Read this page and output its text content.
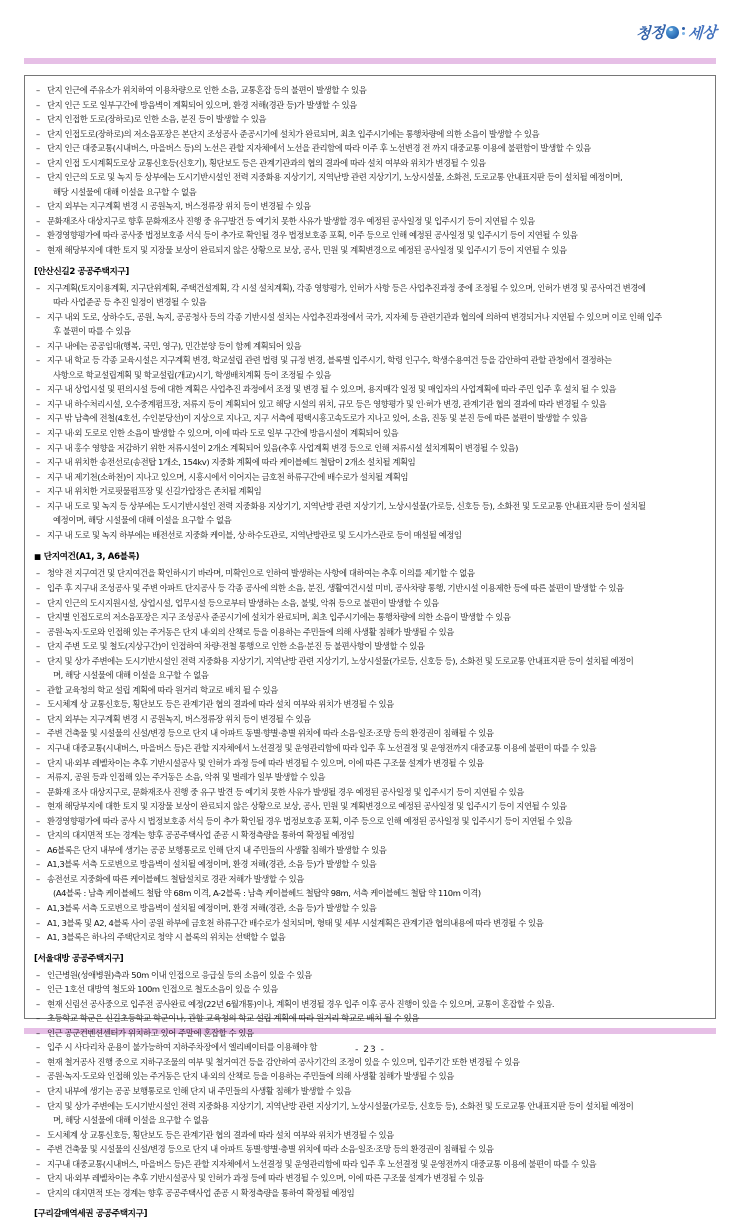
청정 세상
– 단지 인근에 주유소가 위치하여 이용차량으로 인한 소음, 교통혼잡 등의 불편이 발생할 수 있음
– 단지 인근 도로 일부구간에 방음벽이 계획되어 있으며, 환경 저해(경관 등)가 발생할 수 있음
– 단지 인접한 도로(장하로)로 인한 소음, 분진 등이 발생할 수 있음
– 단지 인접도로(장하로)의 저소음포장은 본단지 조성공사 준공시기에 설치가 완료되며, 최초 입주시기에는 통행차량에 의한 소음이 발생할 수 있음
– 단지 인근 대중교통(시내버스, 마을버스 등)의 노선은 관할 지자체에서 노선을 관리함에 따라 이주 후 노선변경 전 까지 대중교통 이용에 불편함이 발생할 수 있음
– 단지 인접 도시계획도로상 교통신호등(신호기), 횡단보도 등은 관계기관과의 협의 결과에 따라 설치 여부와 위치가 변경될 수 있음
– 단지 인근의 도로 및 녹지 등 상부에는 도시기반시설인 전력 지중화용 지상기기, 지역난방 관련 지상기기, 노상시설물, 소화전, 도로교통 안내표지판 등이 설치될 예정이며,
해당 시설물에 대해 이설을 요구할 수 없음
– 단지 외부는 지구계획 변경 시 공원녹지, 버스정류장 위치 등이 변경될 수 있음
– 문화재조사 대상지구로 향후 문화재조사 진행 중 유구발건 등 예기치 못한 사유가 발생할 경우 예정된 공사일정 및 입주시기 등이 지연될 수 있음
– 환경영향평가에 따라 공사중 법정보호종 서식 등이 추가로 확인될 경우 법정보호종 포획, 이주 등으로 인해 예정된 공사일정 및 입주시기 등이 지연될 수 있음
– 현재 해당부지에 대한 토지 및 지장물 보상이 완료되지 않은 상황으로 보상, 공사, 민원 및 계획변경으로 예정된 공사일정 및 입주시기 등이 지연될 수 있음
[안산신길2 공공주택지구]
– 지구계획(토지이용계획, 지구단위계획, 주택건설계획, 각 시설 설치계획), 각종 영향평가, 인허가 사항 등은 사업추진과정 중에 조정될 수 있으며, 인허가 변경 및 공사여건 변경에
따라 사업준공 등 추진 일정이 변경될 수 있음
– 지구 내외 도로, 상하수도, 공원, 녹지, 공공청사 등의 각종 기반시설 설치는 사업추진과정에서 국가, 지자체 등 관련기관과 협의에 의하여 변경되거나 지연될 수 있으며 이로 인해 입주
후 불편이 따를 수 있음
– 지구 내에는 공공임대(행복, 국민, 영구), 민간분양 등이 함께 계획되어 있음
– 지구 내 학교 등 각종 교육시설은 지구계획 변경, 학교설립 관련 법령 및 규정 변경, 블록별 입주시기, 학령 인구수, 학생수용여건 등을 감안하여 관할 관청에서 결정하는
사항으로 학교설립계획 및 학교설립(개교)시기, 학생배치계획 등이 조정될 수 있음
– 지구 내 상업시설 및 편의시설 등에 대한 계획은 사업추진 과정에서 조정 및 변경 될 수 있으며, 용지매각 일정 및 매입자의 사업계획에 따라 주민 입주 후 설치 될 수 있음
– 지구 내 하수처리시설, 오수중계펌프장, 저류지 등이 계획되어 있고 해당 시설의 위치, 규모 등은 영향평가 및 인·허가 변경, 관계기관 협의 결과에 따라 변경될 수 있음
– 지구 밖 남측에 전철(4호선, 수인분당선)이 지상으로 지나고, 지구 서측에 평택시흥고속도로가 지나고 있어, 소음, 진동 및 분진 등에 따른 불편이 발생할 수 있음
– 지구 내·외 도로로 인한 소음이 발생할 수 있으며, 이에 따라 도로 일부 구간에 방음시설이 계획되어 있음
– 지구 내 홍수 영향을 저감하기 위한 저류시설이 2개소 계획되어 있음(추후 사업계획 변경 등으로 인해 저류시설 설치계획이 변경될 수 있음)
– 지구 내 위치한 송전선로(송전탑 1개소, 154kv) 지중화 계획에 따라 케이블헤드 철탑이 2개소 설치될 계획임
– 지구 내 제기천(소하천)이 지나고 있으며, 시흥시에서 이어지는 금호천 하류구간에 배수로가 설치될 계획임
– 지구 내 위치한 거로핏물펌프장 및 신길가압장은 존치될 계획임
– 지구 내 도로 및 녹지 등 상부에는 도시기반시설인 전력 지중화용 지상기기, 지역난방 관련 지상기기, 노상시설물(가로등, 신호등 등), 소화전 및 도로교통 안내표지판 등이 설치될
예정이며, 해당 시설물에 대해 이설을 요구할 수 없음
– 지구 내 도로 및 녹지 하부에는 배전선로 지중화 케이블, 상·하수도관로, 지역난방관로 및 도시가스관로 등이 매설될 예정임
■ 단지여건(A1, 3, A6블록)
– 청약 전 지구여건 및 단지여건을 확인하시기 바라며, 미확인으로 인하여 발생하는 사항에 대하여는 추후 이의를 제기할 수 없음
– 입주 후 지구내 조성공사 및 주변 아파트 단지공사 등 각종 공사에 의한 소음, 분진, 생활여건시설 미비, 공사차량 통행, 기반시설 이용제한 등에 따른 불편이 발생할 수 있음
– 단지 인근의 도시지원시설, 상업시설, 업무시설 등으로부터 발생하는 소음, 불빛, 악취 등으로 불편이 발생할 수 있음
– 단지별 인접도로의 저소음포장은 지구 조성공사 준공시기에 설치가 완료되며, 최초 입주시기에는 통행차량에 의한 소음이 발생할 수 있음
– 공원·녹지·도로와 인접해 있는 주거동은 단지 내·외의 산책로 등을 이용하는 주민들에 의해 사생활 침해가 발생될 수 있음
– 단지 주변 도로 및 철도(지상구간)이 인접하여 차량·전철 통행으로 인한 소음·분진 등 불편사항이 발생할 수 있음
– 단지 및 상가 주변에는 도시기반시설인 전력 지중화용 지상기기, 지역난방 관련 지상기기, 노상시설물(가로등, 신호등 등), 소화전 및 도로교통 안내표지판 등이 설치될 예정이
며, 해당 시설물에 대해 이설을 요구할 수 없음
– 관할 교육청의 학교 설립 계획에 따라 원거리 학교로 배치 될 수 있음
– 도시체계 상 교통신호등, 횡단보도 등은 관계기관 협의 결과에 따라 설치 여부와 위치가 변경될 수 있음
– 단지 외부는 지구계획 변경 시 공원녹지, 버스정류장 위치 등이 변경될 수 있음
– 주변 건축물 및 시설물의 신설/변경 등으로 단지 내 아파트 동별·향별·층별 위치에 따라 소음·일조·조망 등의 환경권이 침해될 수 있음
– 지구내 대중교통(시내버스, 마을버스 등)은 관할 지자체에서 노선결정 및 운영관리함에 따라 입주 후 노선결정 및 운영전까지 대중교통 이용에 불편이 따를 수 있음
– 단지 내·외부 레벨차이는 추후 기반시설공사 및 인허가 과정 등에 따라 변경될 수 있으며, 이에 따른 구조물 설계가 변경될 수 있음
– 저류지, 공원 등과 인접해 있는 주거동은 소음, 악취 및 벌레가 일부 발생할 수 있음
– 문화재 조사 대상지구로, 문화재조사 진행 중 유구 발견 등 예기치 못한 사유가 발생될 경우 예정된 공사일정 및 입주시기 등이 지연될 수 있음
– 현재 해당부지에 대한 토지 및 지장물 보상이 완료되지 않은 상황으로 보상, 공사, 민원 및 계획변경으로 예정된 공사일정 및 입주시기 등이 지연될 수 있음
– 환경영향평가에 따라 공사 시 법정보호종 서식 등이 추가 확인될 경우 법정보호종 포획, 이주 등으로 인해 예정된 공사일정 및 입주시기 등이 지연될 수 있음
– 단지의 대지면적 또는 경계는 향후 공공주택사업 준공 시 확정측량을 통하여 확정될 예정임
– A6블록은 단지 내부에 생기는 공공 보행통로로 인해 단지 내 주민들의 사생활 침해가 발생할 수 있음
– A1,3블록 서측 도로변으로 방음벽이 설치될 예정이며, 환경 저해(경관, 소음 등)가 발생할 수 있음
– 송전선로 지중화에 따른 케이블헤드 철탑설치로 경관 저해가 발생할 수 있음
(A4블록 : 남측 케이블헤드 철탑 약 68m 이격, A-2블록 : 남측 케이블헤드 철탑약 98m, 서측 케이블헤드 철탑 약 110m 이격)
– A1,3블록 서측 도로변으로 방음벽이 설치될 예정이며, 환경 저해(경관, 소음 등)가 발생할 수 있음
– A1, 3블록 및 A2, 4블록 사이 공원 하부에 금호천 하류구간 배수로가 설치되며, 형태 및 세부 시설계획은 관계기관 협의내용에 따라 변경될 수 있음
– A1, 3블록은 하나의 주택단지로 청약 시 블록의 위치는 선택할 수 없음
[서울대방 공공주택지구]
– 인근병원(성애병원)측과 50m 이내 인접으로 응급실 등의 소음이 있을 수 있음
– 인근 1호선 대방역 철도와 100m 인접으로 철도소음이 있을 수 있음
– 현재 신림선 공사중으로 입주전 공사완료 예정(22년 6월개통)이나, 계획이 변경될 경우 입주 이후 공사 진행이 있을 수 있으며, 교통이 혼잡할 수 있음.
– 초등학교 학군은 신길초등학교 학군이나, 관할 교육청의 학교 설립 계획에 따라 원거리 학교로 배치 될 수 있음
– 인근 공군컨벤션센터가 위치하고 있어 주말에 혼잡할 수 있음
– 입주 시 사다리차 운용이 불가능하여 지하주차장에서 엘리베이터를 이용해야 함
– 현재 철거공사 진행 중으로 지하구조물의 여부 및 철거여건 등을 감안하여 공사기간의 조정이 있을 수 있으며, 입주기간 또한 변경될 수 있음
– 공원·녹지·도로와 인접해 있는 주거동은 단지 내·외의 산책로 등을 이용하는 주민들에 의해 사생활 침해가 발생될 수 있음
– 단지 내부에 생기는 공공 보행통로로 인해 단지 내 주민들의 사생활 침해가 발생할 수 있음
– 단지 및 상가 주변에는 도시기반시설인 전력 지중화용 지상기기, 지역난방 관련 지상기기, 노상시설물(가로등, 신호등 등), 소화전 및 도로교통 안내표지판 등이 설치될 예정이
며, 해당 시설물에 대해 이설을 요구할 수 없음
– 도시체계 상 교통신호등, 횡단보도 등은 관계기관 협의 결과에 따라 설치 여부와 위치가 변경될 수 있음
– 주변 건축물 및 시설물의 신설/변경 등으로 단지 내 아파트 동별·향별·층별 위치에 따라 소음·일조·조망 등의 환경권이 침해될 수 있음
– 지구내 대중교통(시내버스, 마을버스 등)은 관할 지자체에서 노선결정 및 운영관리함에 따라 입주 후 노선결정 및 운영전까지 대중교통 이용에 불편이 따를 수 있음
– 단지 내·외부 레벨차이는 추후 기반시설공사 및 인허가 과정 등에 따라 변경될 수 있으며, 이에 따른 구조물 설계가 변경될 수 있음
– 단지의 대지면적 또는 경계는 향후 공공주택사업 준공 시 확정측량을 통하여 확정될 예정임
[구리갈매역세권 공공주택지구]
- 23 -
